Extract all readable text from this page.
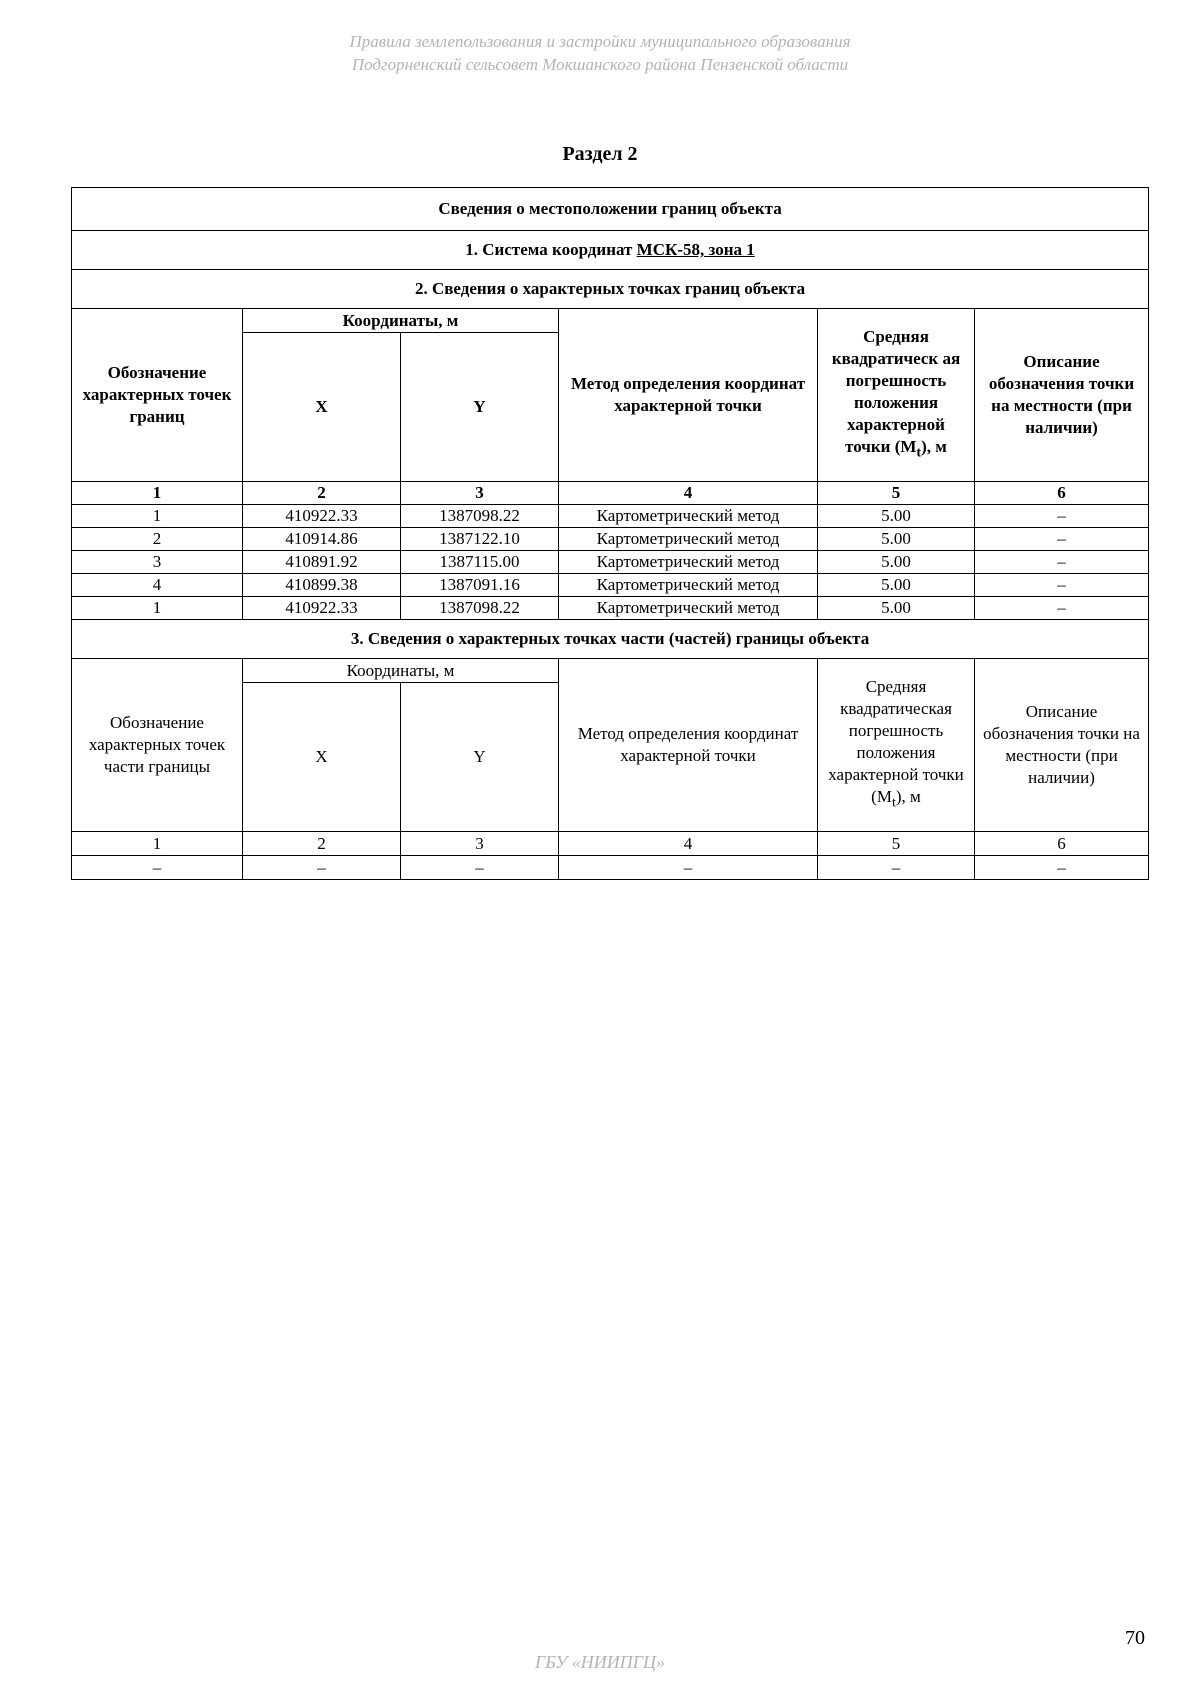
Правила землепользования и застройки муниципального образования
Подгорненский сельсовет Мокшанского района Пензенской области
Раздел 2
Сведения о местоположении границ объекта					
1. Система координат МСК-58, зона 1					
2. Сведения о характерных точках границ объекта					
Обозначение характерных точек границ	Координаты, м		Метод определения координат характерной точки	Средняя квадратическ ая погрешность положения характерной точки $(M_t)$, м	Описание обозначения точки на местности (при наличии)
	X	Y			
1	2	3	4	5	6
1	410922.33	1387098.22	Картометрический метод	5.00	–
2	410914.86	1387122.10	Картометрический метод	5.00	–
3	410891.92	1387115.00	Картометрический метод	5.00	–
4	410899.38	1387091.16	Картометрический метод	5.00	–
1	410922.33	1387098.22	Картометрический метод	5.00	–
3. Сведения о характерных точках части (частей) границы объекта					
Обозначение характерных точек части границы	Координаты, м		Метод определения координат характерной точки	Средняя квадратическая погрешность положения характерной точки $(M_t)$, м	Описание обозначения точки на местности (при наличии)
	X	Y			
1	2	3	4	5	6
–	–	–	–	–	–
70
ГБУ «НИИПГЦ»
